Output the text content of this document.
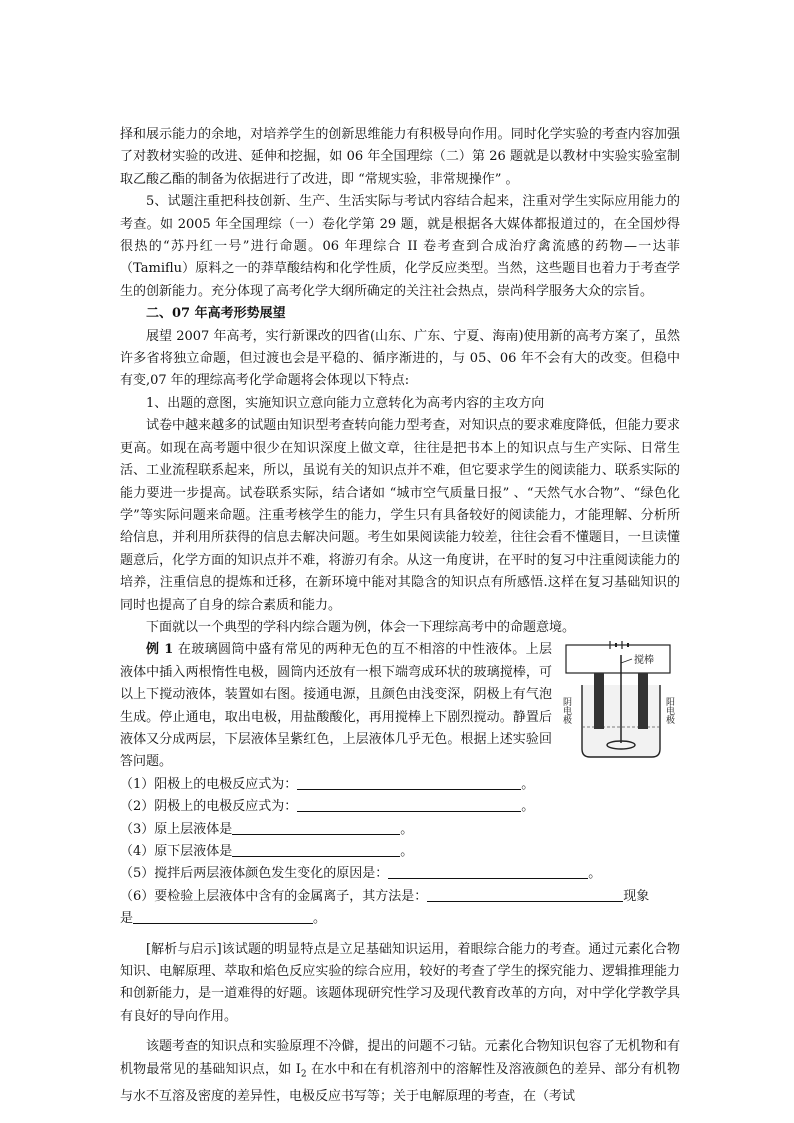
择和展示能力的余地，对培养学生的创新思维能力有积极导向作用。同时化学实验的考查内容加强了对教材实验的改进、延伸和挖掘，如 06 年全国理综（二）第 26 题就是以教材中实验实验室制取乙酸乙酯的制备为依据进行了改进，即 “常规实验，非常规操作” 。

5、试题注重把科技创新、生产、生活实际与考试内容结合起来，注重对学生实际应用能力的考查。如 2005 年全国理综（一）卷化学第 29 题，就是根据各大媒体都报道过的，在全国炒得很热的“苏丹红一号”进行命题。06 年理综合 II 卷考查到合成治疗禽流感的药物—一达菲（Tamiflu）原料之一的莽草酸结构和化学性质，化学反应类型。当然，这些题目也着力于考查学生的创新能力。充分体现了高考化学大纲所确定的关注社会热点，崇尚科学服务大众的宗旨。

二、07 年高考形势展望

展望 2007 年高考，实行新课改的四省(山东、广东、宁夏、海南)使用新的高考方案了，虽然许多省将独立命题，但过渡也会是平稳的、循序渐进的，与 05、06 年不会有大的改变。但稳中有变,07 年的理综高考化学命题将会体现以下特点:

1、出题的意图，实施知识立意向能力立意转化为高考内容的主攻方向

试卷中越来越多的试题由知识型考查转向能力型考查，对知识点的要求难度降低，但能力要求更高。如现在高考题中很少在知识深度上做文章，往往是把书本上的知识点与生产实际、日常生活、工业流程联系起来，所以，虽说有关的知识点并不难，但它要求学生的阅读能力、联系实际的能力要进一步提高。试卷联系实际，结合诸如 “城市空气质量日报” 、“天然气水合物”、“绿色化学”等实际问题来命题。注重考核学生的能力，学生只有具备较好的阅读能力，才能理解、分析所给信息，并利用所获得的信息去解决问题。考生如果阅读能力较差，往往会看不懂题目，一旦读懂题意后，化学方面的知识点并不难，将游刃有余。从这一角度讲，在平时的复习中注重阅读能力的培养，注重信息的提炼和迁移，在新环境中能对其隐含的知识点有所感悟.这样在复习基础知识的同时也提高了自身的综合素质和能力。

下面就以一个典型的学科内综合题为例，体会一下理综高考中的命题意境。

例 1 在玻璃圆筒中盛有常见的两种无色的互不相溶的中性液体。上层液体中插入两根惰性电极，圆筒内还放有一根下端弯成环状的玻璃搅棒，可以上下搅动液体，装置如右图。接通电源，且颜色由浅变深，阴极上有气泡生成。停止通电，取出电极，用盐酸酸化，再用搅棒上下剧烈搅动。静置后液体又分成两层，下层液体呈紫红色，上层液体几乎无色。根据上述实验回答问题。

搅棒
阴电极	阳电极

（1）阳极上的电极反应式为：	。

（2）阴极上的电极反应式为：	。

（3）原上层液体是	。

（4）原下层液体是	。

（5）搅拌后两层液体颜色发生变化的原因是：	。

（6）要检验上层液体中含有的金属离子，其方法是：	现象

是	。

[解析与启示]该试题的明显特点是立足基础知识运用，着眼综合能力的考查。通过元素化合物知识、电解原理、萃取和焰色反应实验的综合应用，较好的考查了学生的探究能力、逻辑推理能力和创新能力，是一道难得的好题。该题体现研究性学习及现代教育改革的方向，对中学化学教学具有良好的导向作用。

该题考查的知识点和实验原理不冷僻，提出的问题不刁钻。元素化合物知识包容了无机物和有机物最常见的基础知识点，如 $I_2$ 在水中和在有机溶剂中的溶解性及溶液颜色的差异、部分有机物与水不互溶及密度的差异性，电极反应书写等；关于电解原理的考查，在（考试
